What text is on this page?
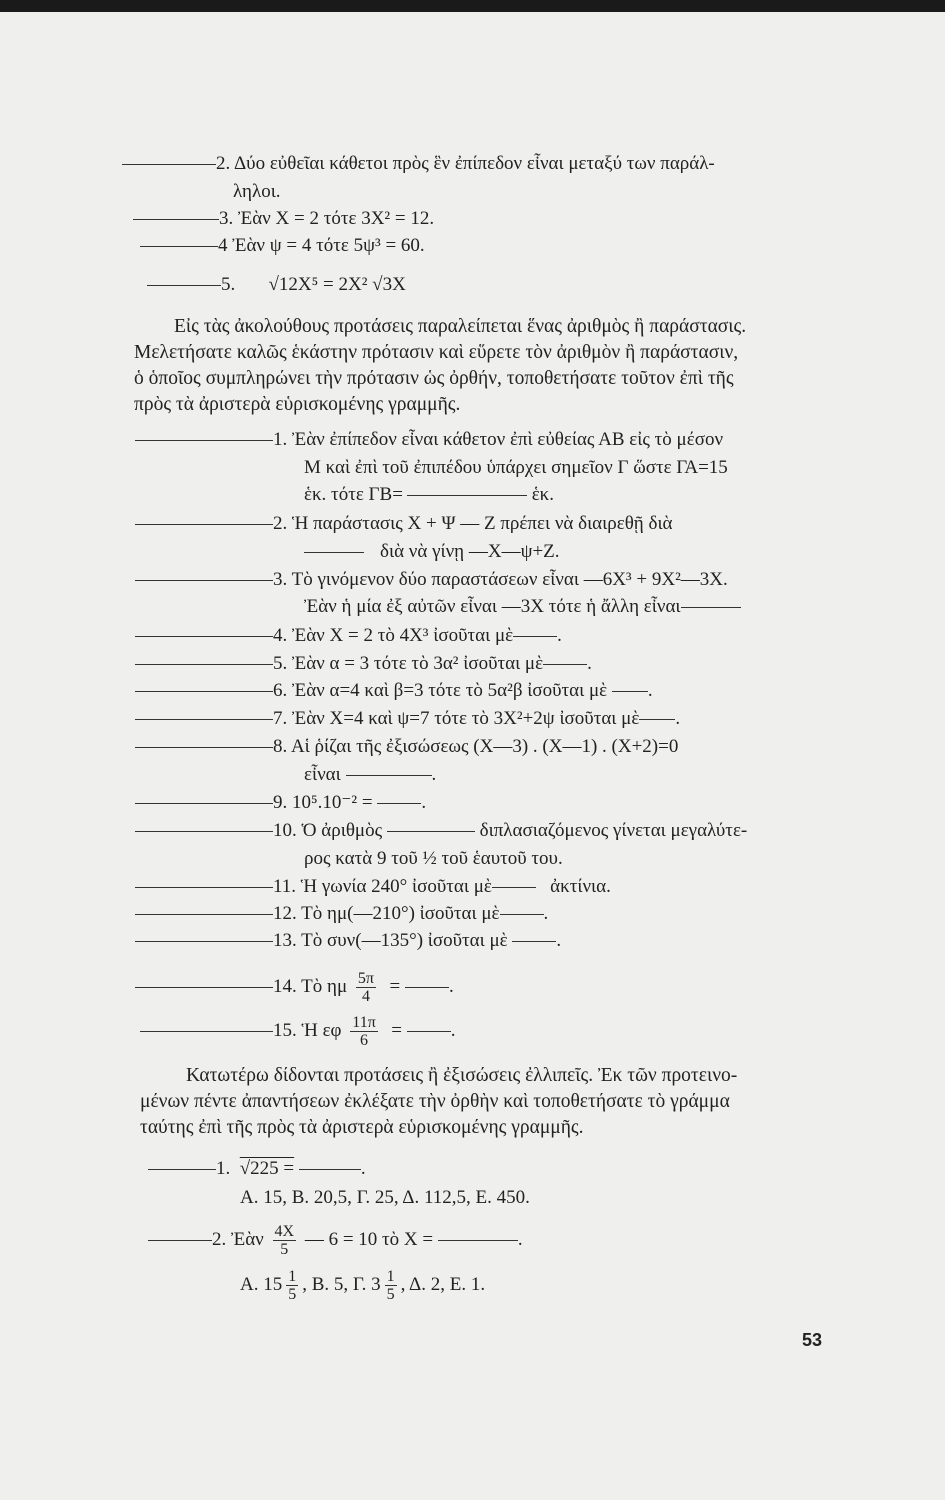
2. Δύο εὐθεῖαι κάθετοι πρὸς ἓν ἐπίπεδον εἶναι μεταξύ των παράλ-
ληλοι.
3. Ἐὰν Χ = 2 τότε 3Χ² = 12.
4 Ἐὰν ψ = 4 τότε 5ψ³ = 60.
5. √12Χ⁵ = 2Χ² √3Χ
Εἰς τὰς ἀκολούθους προτάσεις παραλείπεται ἕνας ἀριθμὸς ἢ παράστασις.
Μελετήσατε καλῶς ἑκάστην πρότασιν καὶ εὕρετε τὸν ἀριθμὸν ἢ παράστασιν,
ὁ ὁποῖος συμπληρώνει τὴν πρότασιν ὡς ὀρθήν, τοποθετήσατε τοῦτον ἐπὶ τῆς
πρὸς τὰ ἀριστερὰ εὑρισκομένης γραμμῆς.
1. Ἐὰν ἐπίπεδον εἶναι κάθετον ἐπὶ εὐθείας ΑΒ εἰς τὸ μέσον
Μ καὶ ἐπὶ τοῦ ἐπιπέδου ὑπάρχει σημεῖον Γ ὥστε ΓΑ=15
ἑκ. τότε ΓΒ=	ἑκ.
2. Ἡ παράστασις Χ + Ψ — Ζ πρέπει νὰ διαιρεθῇ διὰ
διὰ νὰ γίνῃ —Χ—ψ+Ζ.
3. Τὸ γινόμενον δύο παραστάσεων εἶναι —6Χ³ + 9Χ²—3Χ.
Ἐὰν ἡ μία ἐξ αὐτῶν εἶναι —3Χ τότε ἡ ἄλλη εἶναι
4. Ἐὰν Χ = 2 τὸ 4Χ³ ἰσοῦται μὲ .
5. Ἐὰν α = 3 τότε τὸ 3α² ἰσοῦται μὲ .
6. Ἐὰν α=4 καὶ β=3 τότε τὸ 5α²β ἰσοῦται μὲ .
7. Ἐὰν Χ=4 καὶ ψ=7 τότε τὸ 3Χ²+2ψ ἰσοῦται μὲ .
8. Αἱ ῥίζαι τῆς ἐξισώσεως (Χ—3) . (Χ—1) . (Χ+2)=0
εἶναι	.
9. 10⁵.10⁻² =	.
10. Ὁ ἀριθμὸς	διπλασιαζόμενος γίνεται μεγαλύτε-
ρος κατὰ 9 τοῦ ½ τοῦ ἑαυτοῦ του.
11. Ἡ γωνία 240° ἰσοῦται μὲ	ἀκτίνια.
12. Τὸ ημ(—210°) ἰσοῦται μὲ .
13. Τὸ συν(—135°) ἰσοῦται μὲ	.
14. Τὸ ημ $\frac{5\pi}{4}$ =	.
15. Ἡ εφ $\frac{11\pi}{6}$ =	.
Κατωτέρω δίδονται προτάσεις ἢ ἐξισώσεις ἐλλιπεῖς. Ἐκ τῶν προτεινο-
μένων πέντε ἀπαντήσεων ἐκλέξατε τὴν ὀρθὴν καὶ τοποθετήσατε τὸ γράμμα
ταύτης ἐπὶ τῆς πρὸς τὰ ἀριστερὰ εὑρισκομένης γραμμῆς.
1. √225 =	.
Α. 15, Β. 20,5, Γ. 25, Δ. 112,5, Ε. 450.
2. Ἐὰν $\frac{4X}{5}$ — 6 = 10 τὸ Χ =	.
Α. $15 \frac{1}{5}$ , Β. 5, Γ. $3 \frac{1}{5}$ , Δ. 2, Ε. 1.
53
